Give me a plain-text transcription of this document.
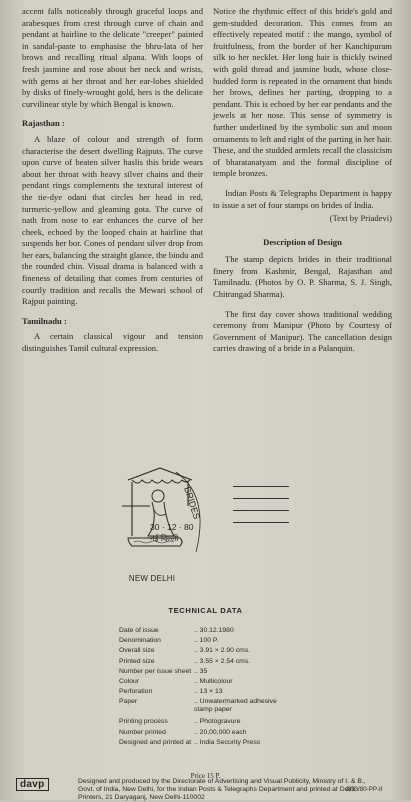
accent falls noticeably through graceful loops and arabesques from crest through curve of chain and pendant at hairline to the delicate "creeper" painted in sandal-paste to emphasise the bhru-lata of her brows and recalling ritual alpana. With loops of fresh jasmine and rose about her neck and wrists, with gems at her throat and her ear-lobes shielded by disks of finely-wrought gold, hers is the delicate curvilinear style by which Bengal is known.

Rajasthan :

A blaze of colour and strength of form characterise the desert dwelling Rajputs. The curve upon curve of beaten silver haslis this bride wears about her throat with heavy silver chains and their pendant rings complements the textural interest of the tie-dye odani that circles her head in red, turmeric-yellow and gleaming gota. The curve of nath from nose to ear enhances the curve of her cheek, echoed by the looped chain at hairline that suspends her bor. Cones of pendant silver drop from her ears, balancing the straight glance, the bindu and the rounded chin. Visual drama is balanced with a fineness of detailing that comes from centuries of courtly tradition and recalls the Mewari school of Rajput painting.

Tamilnadu :

A certain classical vigour and tension distinguishes Tamil cultural expression.

Notice the rhythmic effect of this bride's gold and gem-studded decoration. This comes from an effectively repeated motif : the mango, symbol of fruitfulness, from the border of her Kanchipuram silk to her necklet. Her long hair is thickly twined with gold thread and jasmine buds, whose close-hudded form is repeated in the ornament that binds her brows, defines her parting, dropping to a pendant. This is echoed by her ear pendants and the jewels at her nose. This sense of symmetry is further underlined by the symbolic sun and moon ornaments to left and right of the parting in her hair. These, and the studded armlets recall the classicism of bharatanatyam and the formal discipline of temple bronzes.

Indian Posts & Telegraphs Department is happy to issue a set of four stamps on brides of India.

(Text by Priadevi)

Description of Design

The stamp depicts brides in their traditional finery from Kashmir, Bengal, Rajasthan and Tamilnadu. (Photos by O. P. Sharma, S. J. Singh, Chitrangad Sharma).

The first day cover shows traditional wedding ceremony from Manipur (Photo by Courtesy of Government of Manipur). The cancellation design carries drawing of a bride in a Palanquin.

BRIDES
30 · 12 · 80
नई दिल्ली
NEW DELHI
TECHNICAL DATA
Date of issue	.. 30.12.1980
Denomination	.. 100 P.
Overall size	.. 3.91 × 2.90 cms.
Printed size	.. 3.55 × 2.54 cms.
Number per issue sheet	.. 35
Colour	.. Multicolour
Perforation	.. 13 × 13
Paper	.. Unwatermarked adhesive stamp paper
Printing process	.. Photogravure
Number printed	.. 20,00,000 each
Designed and printed at	.. India Security Press
Price 15 P.
davp	Designed and produced by the Directorate of Advertising and Visual Publicity, Ministry of I. & B., Govt. of India, New Delhi, for the Indian Posts & Telegraphs Department and printed at Delhi Printers, 21 Daryaganj, New Delhi-110002
3/33/80-PP-II
